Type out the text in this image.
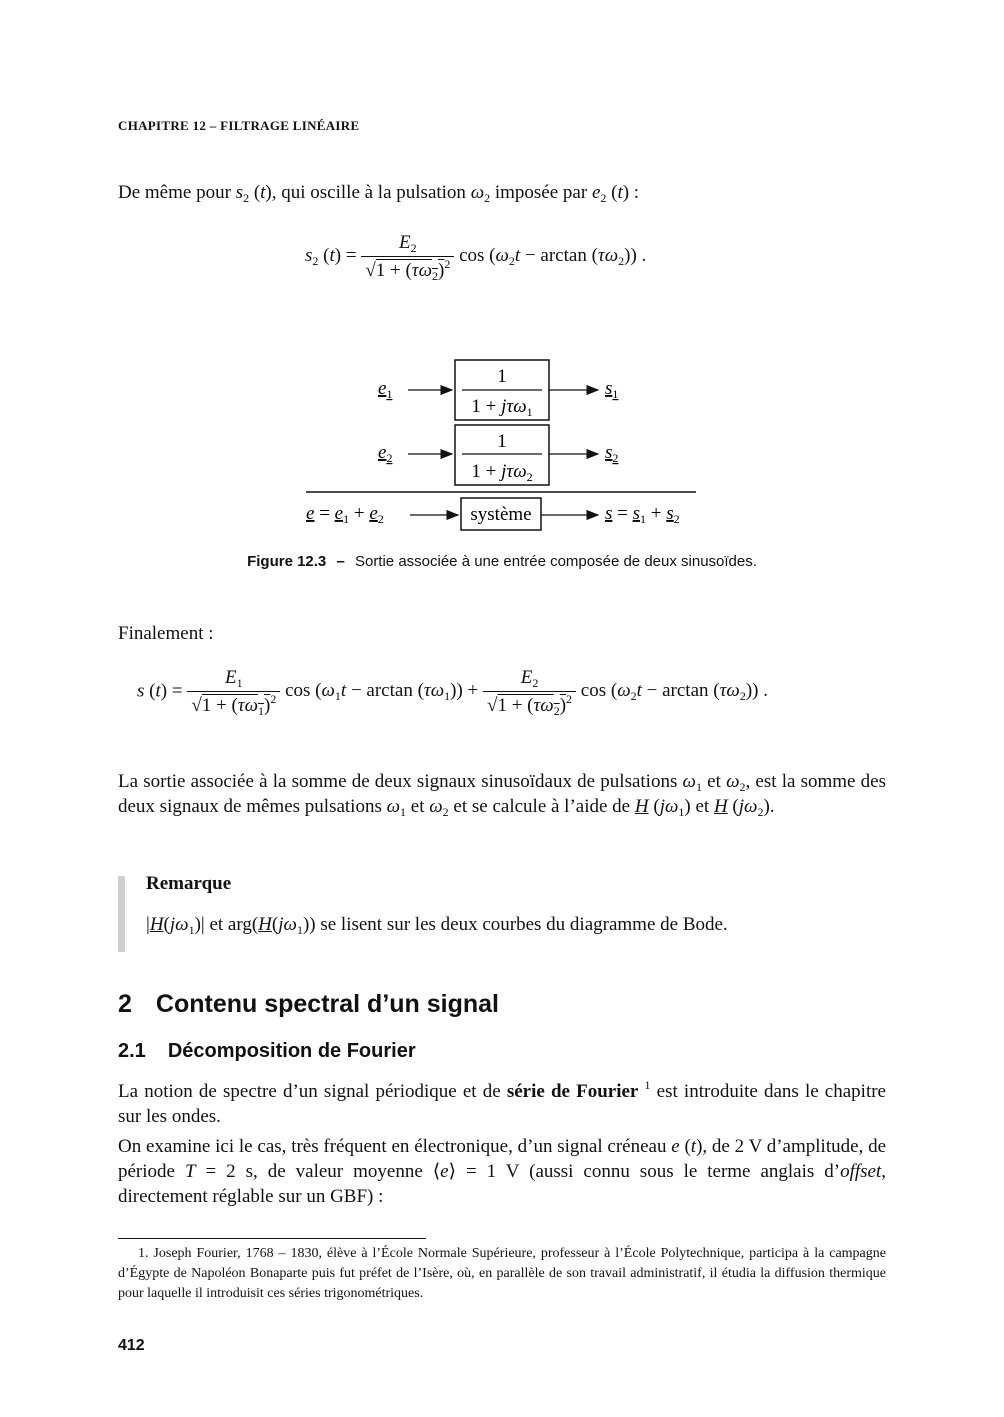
CHAPITRE 12 – FILTRAGE LINÉAIRE
De même pour $s_2$ (t), qui oscille à la pulsation $\omega_2$ imposée par $e_2$ (t) :
$s_2$ $(t) = \frac{E_2}{√1 + (\tau\omega_2)^2}$ $\cos (\omega_2t - \arctan (\tau\omega_2))$ .
$e_1$
1
1 + jτω$_1$
$s_1$
$e_2$
1
1 + jτω$_2$
$s_2$
$e = e_1 + e_2$	système	$s = s_1 + s_2$
Figure 12.3 – Sortie associée à une entrée composée de deux sinusoïdes.
Finalement :
s $(t) = \frac{E_1}{√1 + (\tau\omega_1)^2}$ $\cos (\omega_1t - \arctan (\tau\omega_1)) + \frac{E_2}{√1 + (\tau\omega_2)^2}$ $\cos (\omega_2t - \arctan (\tau\omega_2))$ .
La sortie associée à la somme de deux signaux sinusoïdaux de pulsations $\omega_1$ et $\omega_2$, est la somme des deux signaux de mêmes pulsations $\omega_1$ et $\omega_2$ et se calcule à l’aide de H $(j\omega_1)$ et H $(j\omega_2)$.
Remarque
$|H(j\omega_1)|$ et $arg(H(j\omega_1))$ se lisent sur les deux courbes du diagramme de Bode.
2 Contenu spectral d’un signal
2.1 Décomposition de Fourier
La notion de spectre d’un signal périodique et de série de Fourier $^1$ est introduite dans le chapitre sur les ondes.
On examine ici le cas, très fréquent en électronique, d’un signal créneau e (t), de 2 V d’amplitude, de période T = 2 s, de valeur moyenne ⟨e⟩ = 1 V (aussi connu sous le terme anglais d’offset, directement réglable sur un GBF) :
1. Joseph Fourier, 1768 – 1830, élève à l’École Normale Supérieure, professeur à l’École Polytechnique, participa à la campagne d’Égypte de Napoléon Bonaparte puis fut préfet de l’Isère, où, en parallèle de son travail administratif, il étudia la diffusion thermique pour laquelle il introduisit ces séries trigonométriques.
412
